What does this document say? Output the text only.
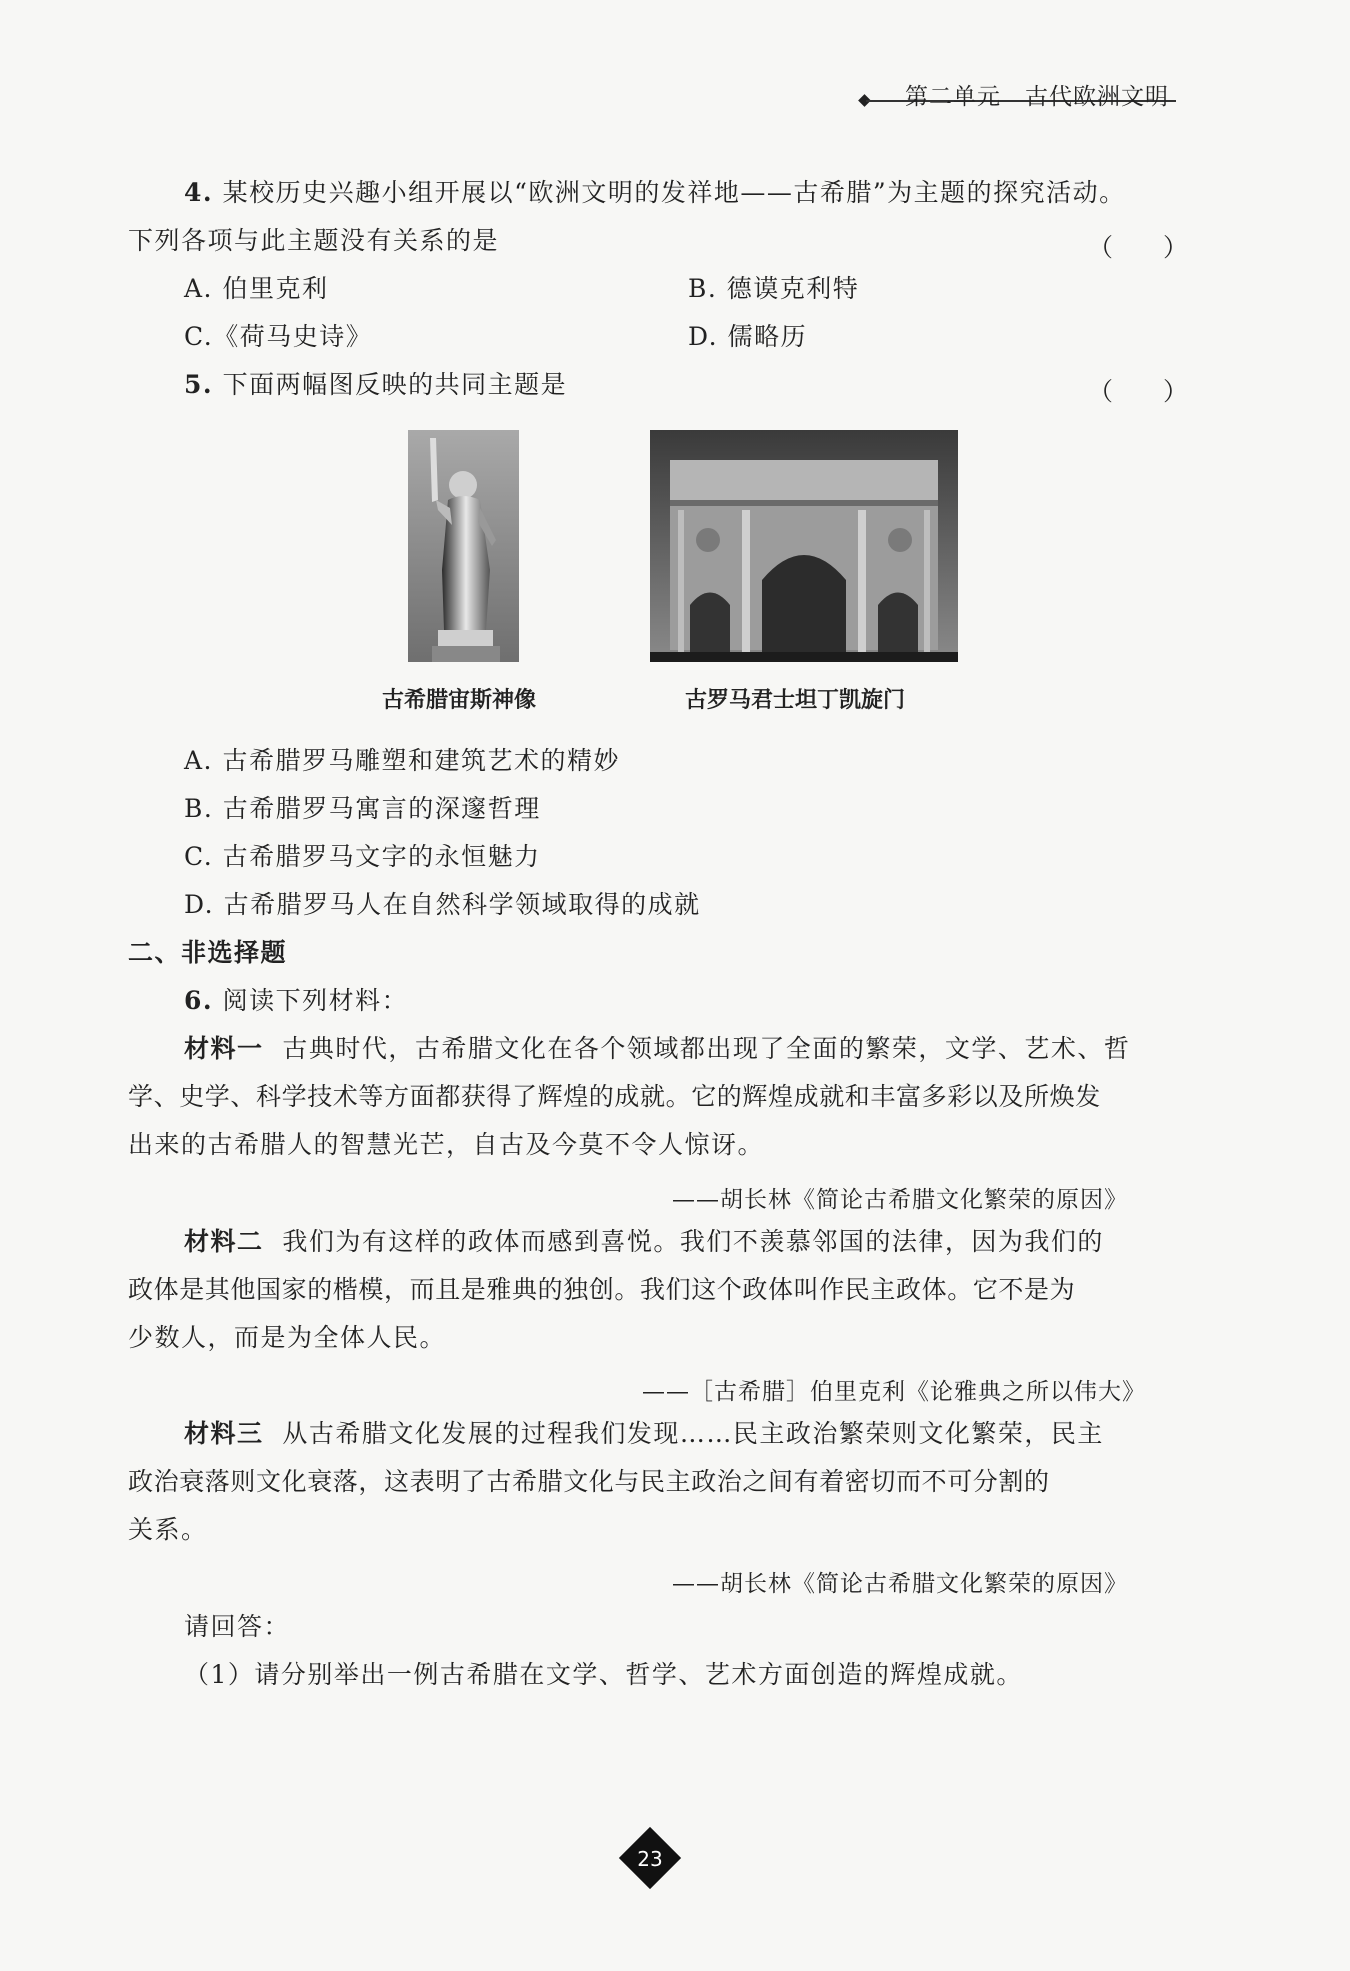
第二单元　古代欧洲文明
4. 某校历史兴趣小组开展以“欧洲文明的发祥地——古希腊”为主题的探究活动。
下列各项与此主题没有关系的是	（　　）
A. 伯里克利	B. 德谟克利特
C.《荷马史诗》	D. 儒略历
5. 下面两幅图反映的共同主题是	（　　）
古希腊宙斯神像	古罗马君士坦丁凯旋门
A. 古希腊罗马雕塑和建筑艺术的精妙
B. 古希腊罗马寓言的深邃哲理
C. 古希腊罗马文字的永恒魅力
D. 古希腊罗马人在自然科学领域取得的成就
二、非选择题
6. 阅读下列材料：
材料一 古典时代，古希腊文化在各个领域都出现了全面的繁荣，文学、艺术、哲
学、史学、科学技术等方面都获得了辉煌的成就。它的辉煌成就和丰富多彩以及所焕发
出来的古希腊人的智慧光芒，自古及今莫不令人惊讶。
——胡长林《简论古希腊文化繁荣的原因》
材料二 我们为有这样的政体而感到喜悦。我们不羡慕邻国的法律，因为我们的
政体是其他国家的楷模，而且是雅典的独创。我们这个政体叫作民主政体。它不是为
少数人，而是为全体人民。
——［古希腊］伯里克利《论雅典之所以伟大》
材料三 从古希腊文化发展的过程我们发现……民主政治繁荣则文化繁荣，民主
政治衰落则文化衰落，这表明了古希腊文化与民主政治之间有着密切而不可分割的
关系。
——胡长林《简论古希腊文化繁荣的原因》
请回答：
（1）请分别举出一例古希腊在文学、哲学、艺术方面创造的辉煌成就。
23
